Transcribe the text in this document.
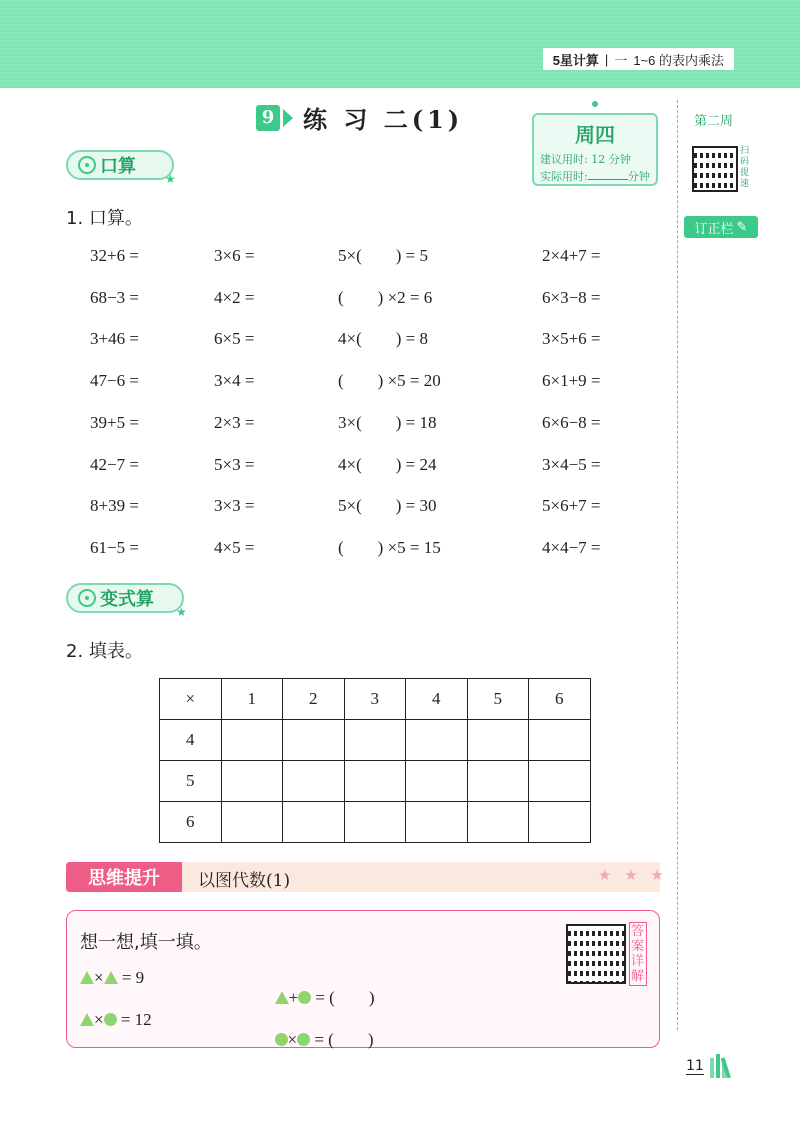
5星计算 | 一 1~6 的表内乘法
9 练 习 二(1)
周四
建议用时: 12 分钟
实际用时:	分钟
第二周
扫码提速
订正栏 ✎
口算
★
1. 口算。
32+6 =	3×6 =	5×(        ) = 5	2×4+7 =
68−3 =	4×2 =	(        ) ×2 = 6	6×3−8 =
3+46 =	6×5 =	4×(        ) = 8	3×5+6 =
47−6 =	3×4 =	(        ) ×5 = 20	6×1+9 =
39+5 =	2×3 =	3×(        ) = 18	6×6−8 =
42−7 =	5×3 =	4×(        ) = 24	3×4−5 =
8+39 =	3×3 =	5×(        ) = 30	5×6+7 =
61−5 =	4×5 =	(        ) ×5 = 15	4×4−7 =
变式算
★
2. 填表。
×	1	2	3	4	5	6
4						
5						
6						
思维提升	以图代数(1)	★ ★ ★
想一想,填一填。
× = 9

+ = (        )

× = 12

× = (        )

答案详解
11
